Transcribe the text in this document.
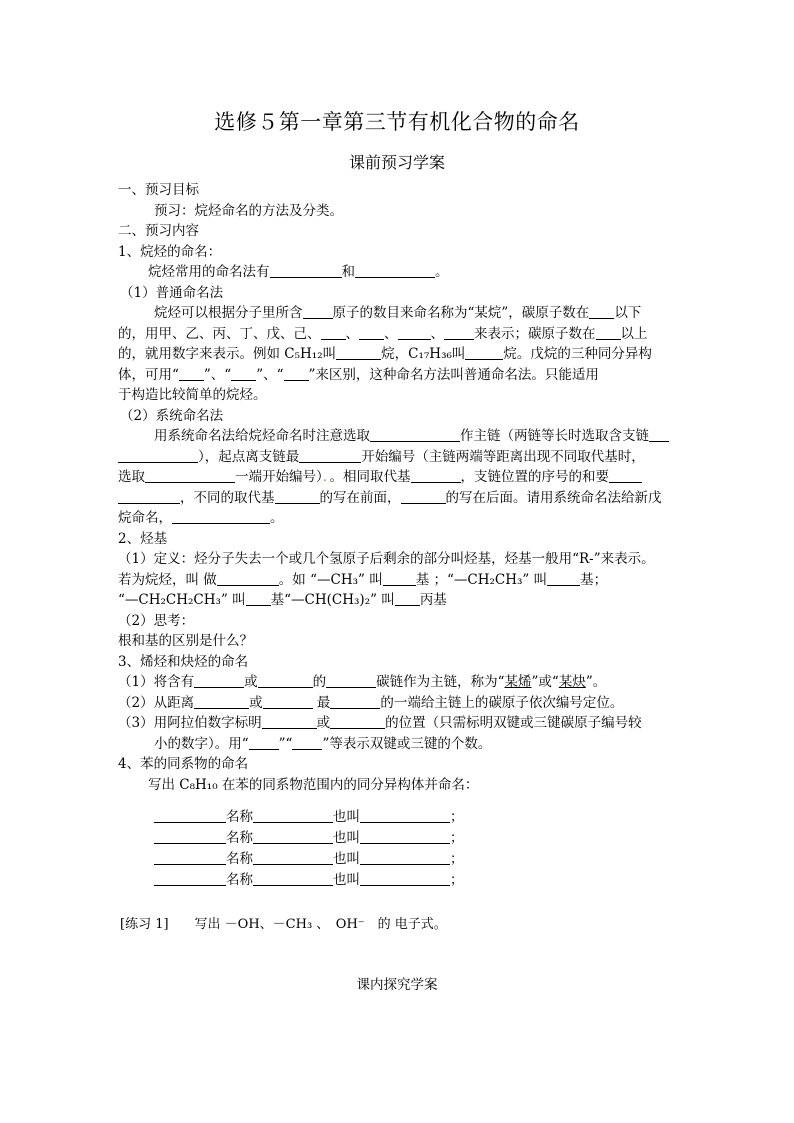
选修５第一章第三节有机化合物的命名
课前预习学案
一、预习目标
预习：烷烃命名的方法及分类。
二、预习内容
1、烷烃的命名：
烷烃常用的命名法有	和	。
（1）普通命名法
烷烃可以根据分子里所含 原子的数目来命名称为“某烷”，碳原子数在 以下
的，用甲、乙、丙、丁、戊、己、 、 、 、 来表示；碳原子数在 以上
的，就用数字来表示。例如 C₅H₁₂叫	烷，C₁₇H₃₆叫	烷。戊烷的三种同分异构
体，可用“ ”、“ ”、“ ”来区别，这种命名方法叫普通命名法。只能适用
于构造比较简单的烷烃。
（2）系统命名法
用系统命名法给烷烃命名时注意选取	作主链（两链等长时选取含支链
），起点离支链最	开始编号（主链两端等距离出现不同取代基时，
选取	一端开始编号）．。相同取代基	，支链位置的序号的和要
，不同的取代基	的写在前面，	的写在后面。请用系统命名法给新戊
烷命名，	。
2、烃基
（1）定义：烃分子失去一个或几个氢原子后剩余的部分叫烃基，烃基一般用“R-”来表示。
若为烷烃，叫 做	。如 “—CH₃” 叫 基 ；“—CH₂CH₃” 叫 基；
“—CH₂CH₂CH₃” 叫 基“—CH(CH₃)₂” 叫 丙基
（2）思考：
根和基的区别是什么？
3、烯烃和炔烃的命名
（1）将含有	或	的	碳链作为主链，称为“某烯”或“某炔”。
（2）从距离	或	最	的一端给主链上的碳原子依次编号定位。
（3）用阿拉伯数字标明	或	的位置（只需标明双键或三键碳原子编号较
小的数字）。用“ ”“ ”等表示双键或三键的个数。
4、苯的同系物的命名
写出 C₈H₁₀ 在苯的同系物范围内的同分异构体并命名：
名称	也叫	；
名称	也叫	；
名称	也叫	；
名称	也叫	；
[练习 1]　　写出 －OH、－CH₃ 、　OH⁻　的 电子式。
课内探究学案
